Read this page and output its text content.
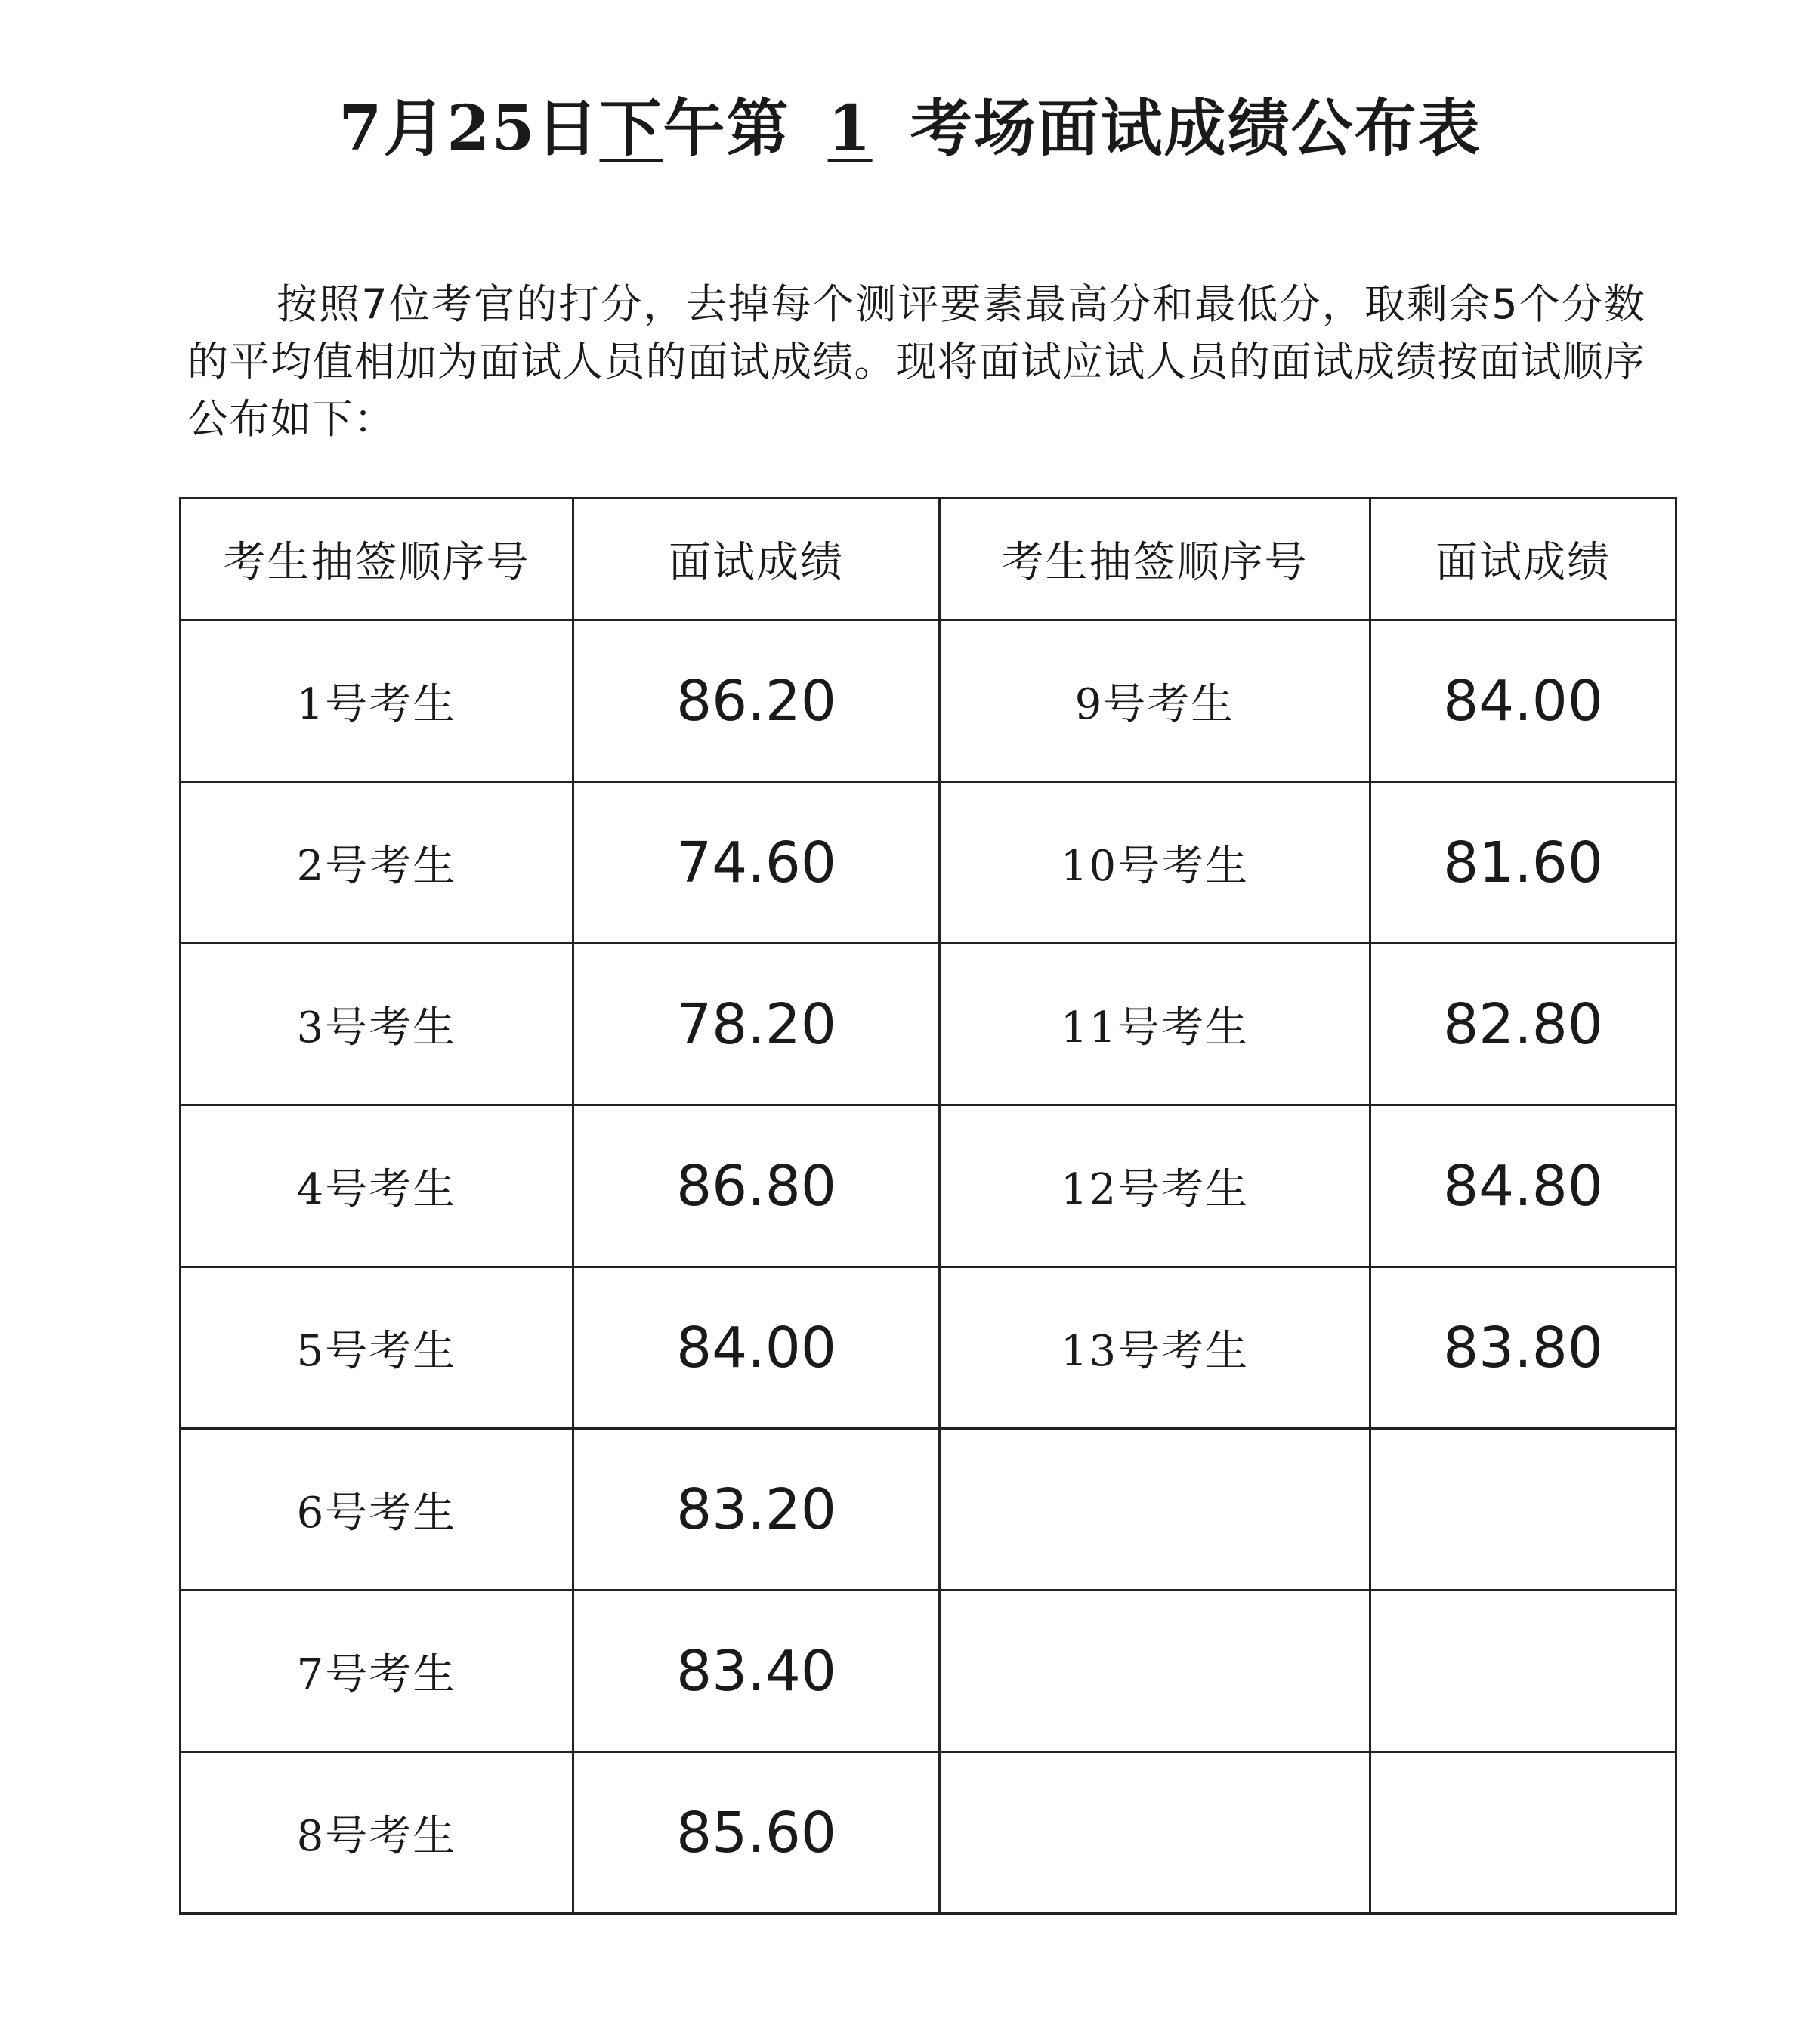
7月25日下午第 1 考场面试成绩公布表
按照7位考官的打分，去掉每个测评要素最高分和最低分，取剩余5个分数的平均值相加为面试人员的面试成绩。现将面试应试人员的面试成绩按面试顺序公布如下：
考生抽签顺序号	面试成绩	考生抽签顺序号	面试成绩
1号考生	86.20	9号考生	84.00
2号考生	74.60	10号考生	81.60
3号考生	78.20	11号考生	82.80
4号考生	86.80	12号考生	84.80
5号考生	84.00	13号考生	83.80
6号考生	83.20		
7号考生	83.40		
8号考生	85.60		
